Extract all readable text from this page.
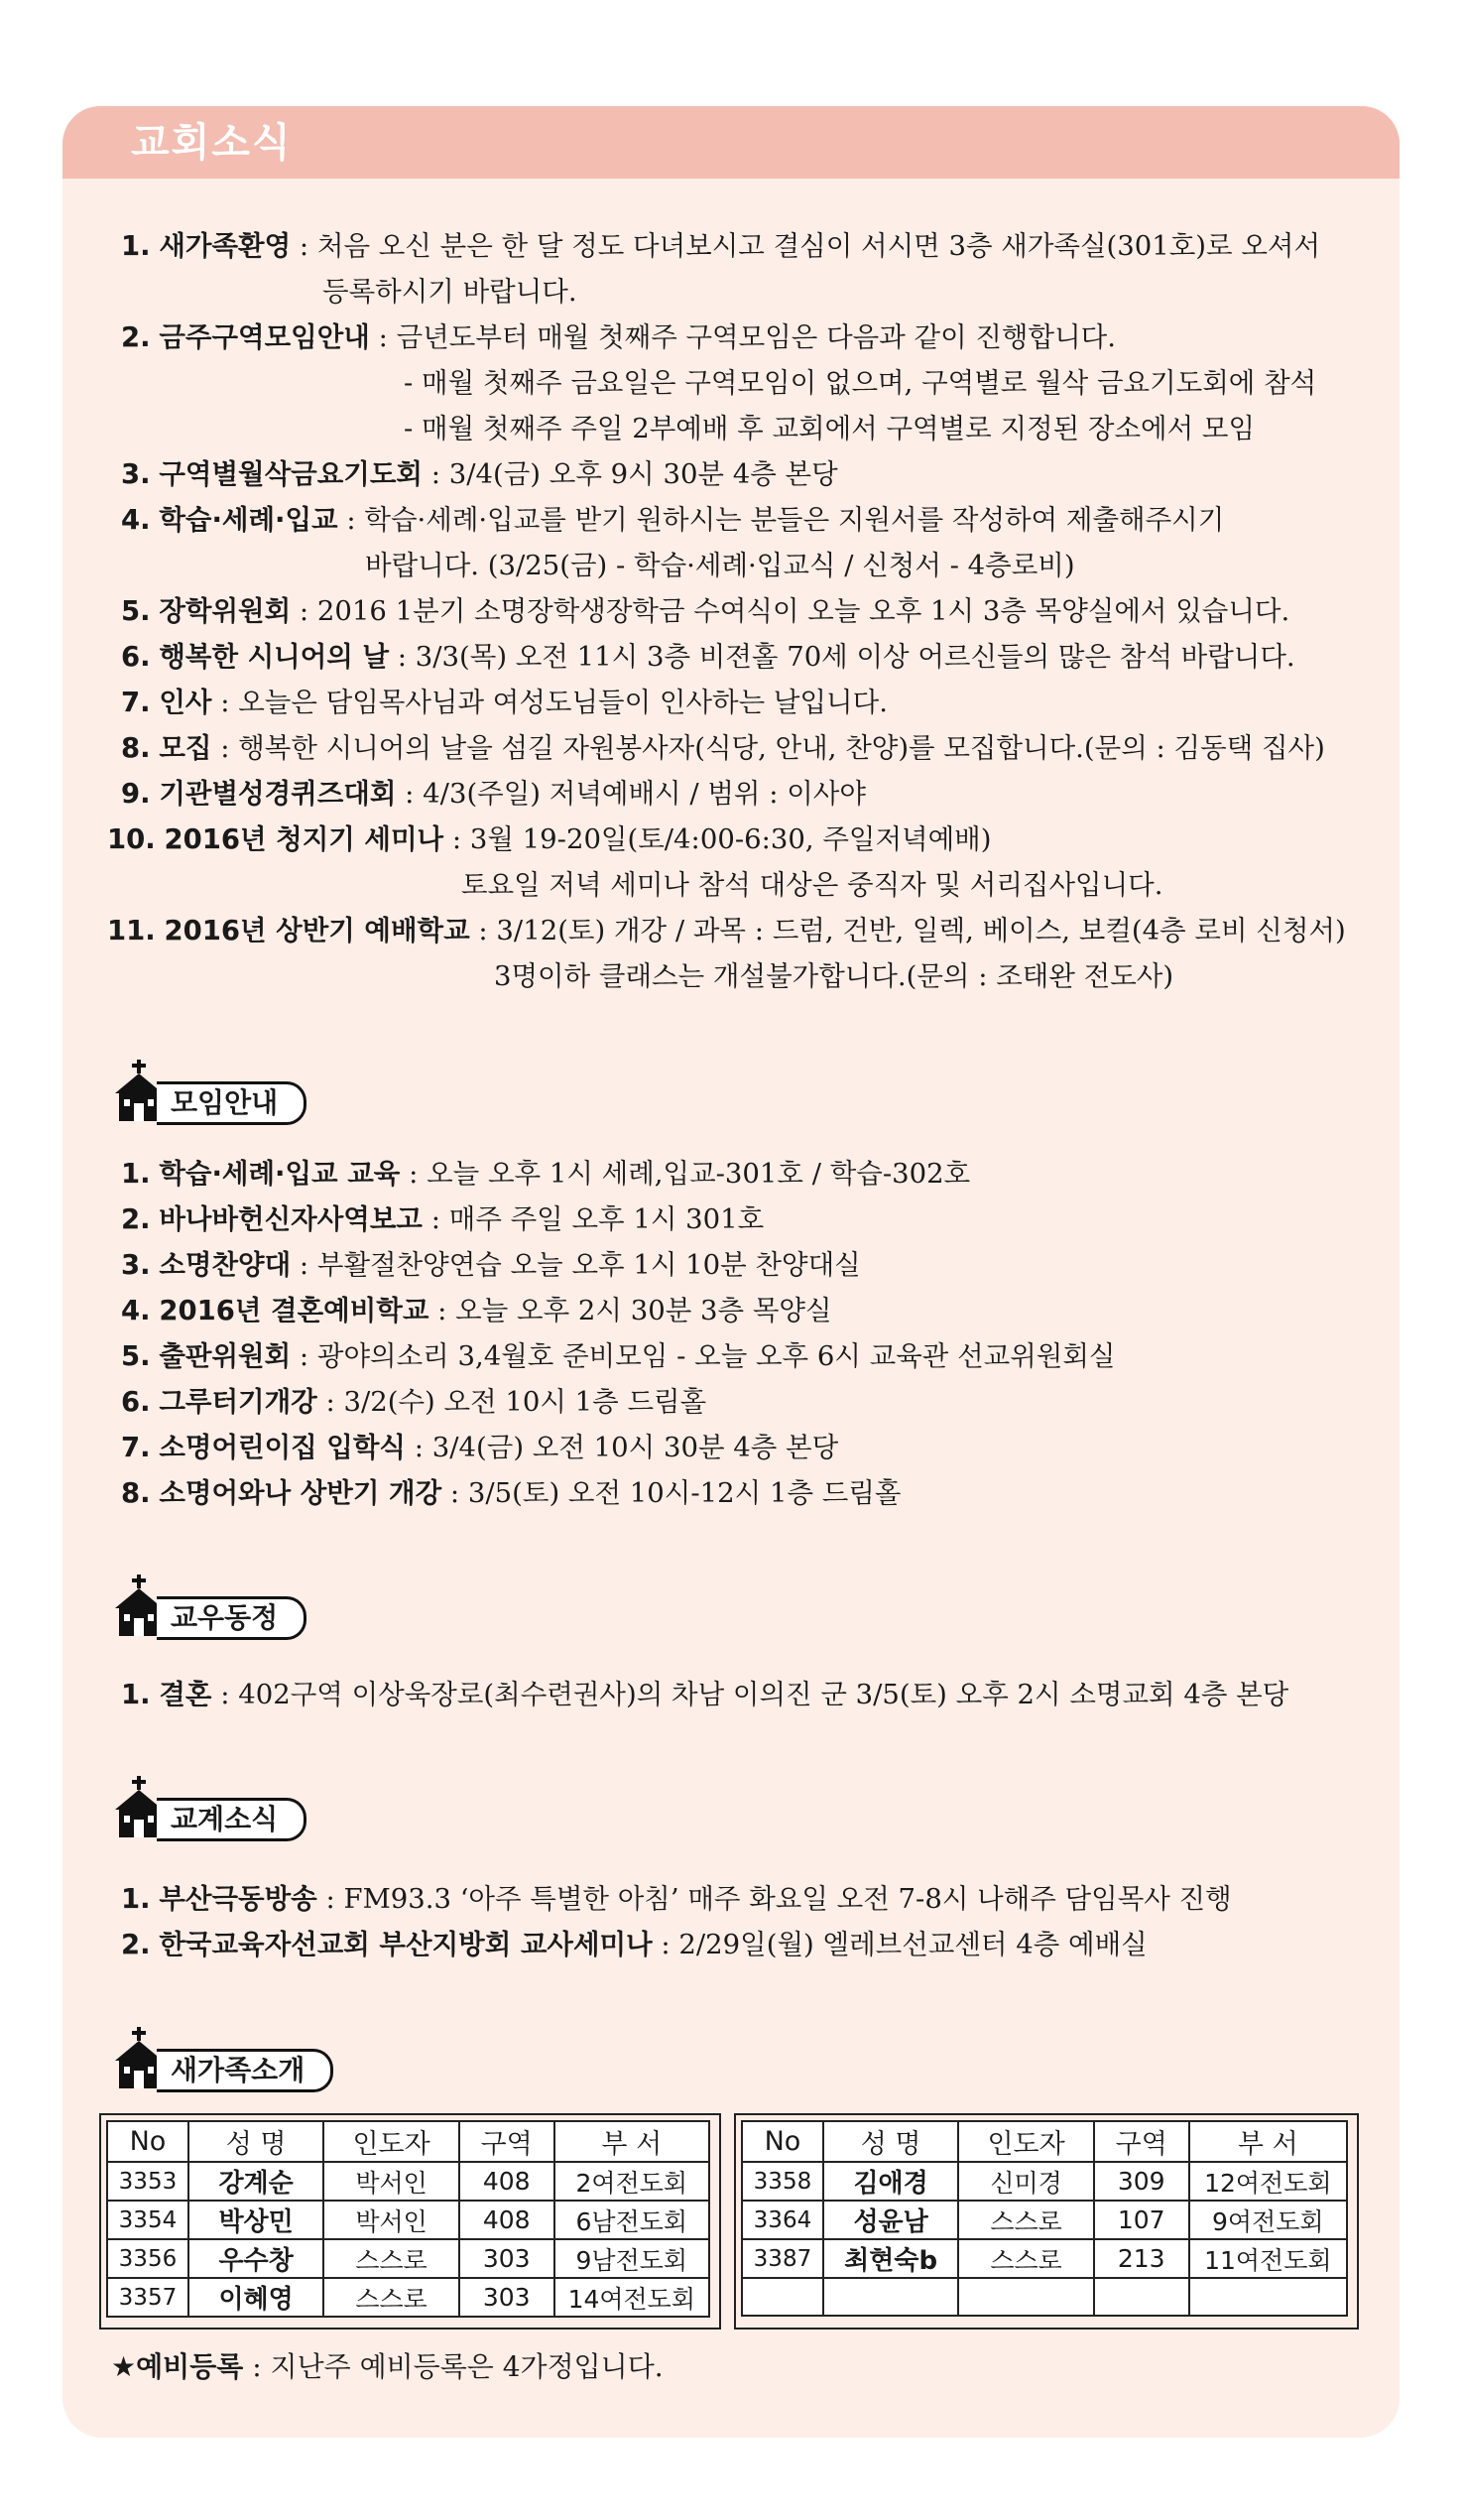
교회소식
1. 새가족환영 : 처음 오신 분은 한 달 정도 다녀보시고 결심이 서시면 3층 새가족실(301호)로 오셔서
등록하시기 바랍니다.
2. 금주구역모임안내 : 금년도부터 매월 첫째주 구역모임은 다음과 같이 진행합니다.
- 매월 첫째주 금요일은 구역모임이 없으며, 구역별로 월삭 금요기도회에 참석
- 매월 첫째주 주일 2부예배 후 교회에서 구역별로 지정된 장소에서 모임
3. 구역별월삭금요기도회 : 3/4(금) 오후 9시 30분 4층 본당
4. 학습·세례·입교 : 학습·세례·입교를 받기 원하시는 분들은 지원서를 작성하여 제출해주시기
바랍니다. (3/25(금) - 학습·세례·입교식 / 신청서 - 4층로비)
5. 장학위원회 : 2016 1분기 소명장학생장학금 수여식이 오늘 오후 1시 3층 목양실에서 있습니다.
6. 행복한 시니어의 날 : 3/3(목) 오전 11시 3층 비젼홀 70세 이상 어르신들의 많은 참석 바랍니다.
7. 인사 : 오늘은 담임목사님과 여성도님들이 인사하는 날입니다.
8. 모집 : 행복한 시니어의 날을 섬길 자원봉사자(식당, 안내, 찬양)를 모집합니다.(문의 : 김동택 집사)
9. 기관별성경퀴즈대회 : 4/3(주일) 저녁예배시 / 범위 : 이사야
10. 2016년 청지기 세미나 : 3월 19-20일(토/4:00-6:30, 주일저녁예배)
토요일 저녁 세미나 참석 대상은 중직자 및 서리집사입니다.
11. 2016년 상반기 예배학교 : 3/12(토) 개강 / 과목 : 드럼, 건반, 일렉, 베이스, 보컬(4층 로비 신청서)
3명이하 클래스는 개설불가합니다.(문의 : 조태완 전도사)
모임안내
1. 학습·세례·입교 교육 : 오늘 오후 1시 세례,입교-301호 / 학습-302호
2. 바나바헌신자사역보고 : 매주 주일 오후 1시 301호
3. 소명찬양대 : 부활절찬양연습 오늘 오후 1시 10분 찬양대실
4. 2016년 결혼예비학교 : 오늘 오후 2시 30분 3층 목양실
5. 출판위원회 : 광야의소리 3,4월호 준비모임 - 오늘 오후 6시 교육관 선교위원회실
6. 그루터기개강 : 3/2(수) 오전 10시 1층 드림홀
7. 소명어린이집 입학식 : 3/4(금) 오전 10시 30분 4층 본당
8. 소명어와나 상반기 개강 : 3/5(토) 오전 10시-12시 1층 드림홀
교우동정
1. 결혼 : 402구역 이상욱장로(최수련권사)의 차남 이의진 군 3/5(토) 오후 2시 소명교회 4층 본당
교계소식
1. 부산극동방송 : FM93.3 ‘아주 특별한 아침’ 매주 화요일 오전 7-8시 나해주 담임목사 진행
2. 한국교육자선교회 부산지방회 교사세미나 : 2/29일(월) 엘레브선교센터 4층 예배실
새가족소개
No	성 명	인도자	구역	부 서
3353	강계순	박서인	408	2여전도회
3354	박상민	박서인	408	6남전도회
3356	우수창	스스로	303	9남전도회
3357	이혜영	스스로	303	14여전도회
No	성 명	인도자	구역	부 서
3358	김애경	신미경	309	12여전도회
3364	성윤남	스스로	107	9여전도회
3387	최현숙b	스스로	213	11여전도회

★예비등록 : 지난주 예비등록은 4가정입니다.
